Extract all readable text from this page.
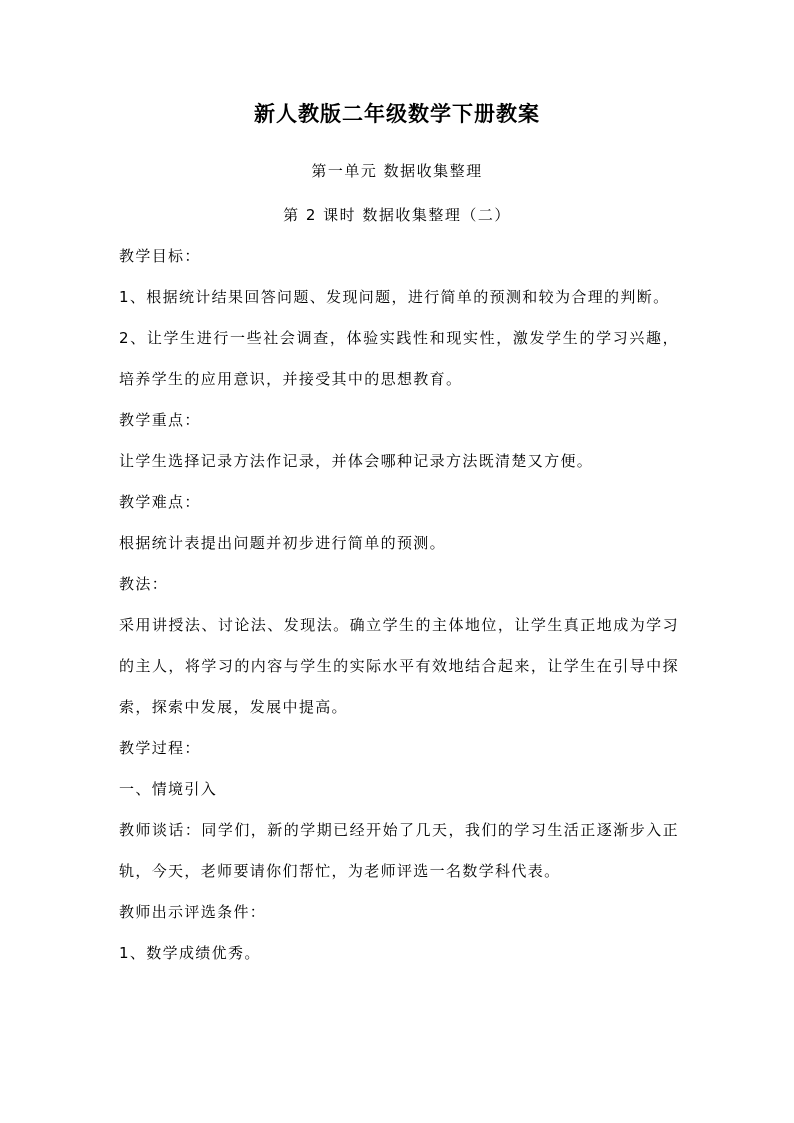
新人教版二年级数学下册教案
第一单元 数据收集整理
第 2 课时 数据收集整理（二）

教学目标：

1、根据统计结果回答问题、发现问题，进行简单的预测和较为合理的判断。

2、让学生进行一些社会调查，体验实践性和现实性，激发学生的学习兴趣，培养学生的应用意识，并接受其中的思想教育。

教学重点：

让学生选择记录方法作记录，并体会哪种记录方法既清楚又方便。

教学难点：

根据统计表提出问题并初步进行简单的预测。

教法：

采用讲授法、讨论法、发现法。确立学生的主体地位，让学生真正地成为学习的主人，将学习的内容与学生的实际水平有效地结合起来，让学生在引导中探索，探索中发展，发展中提高。

教学过程：

一、情境引入

教师谈话：同学们，新的学期已经开始了几天，我们的学习生活正逐渐步入正轨，今天，老师要请你们帮忙，为老师评选一名数学科代表。

教师出示评选条件：

1、数学成绩优秀。
